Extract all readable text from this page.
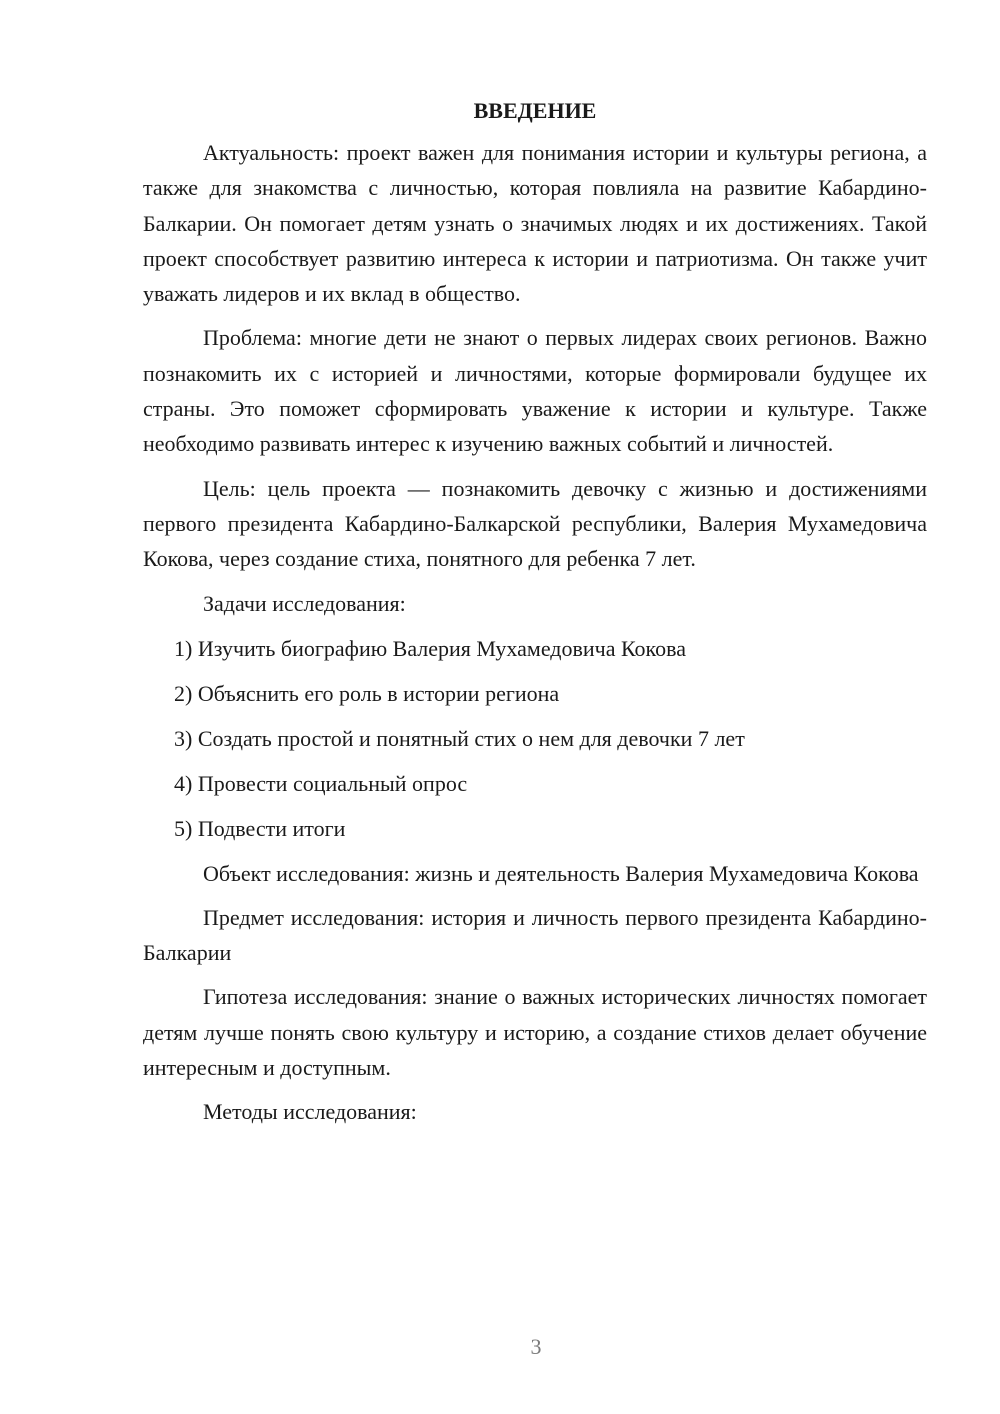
ВВЕДЕНИЕ

Актуальность: проект важен для понимания истории и культуры региона, а также для знакомства с личностью, которая повлияла на развитие Кабардино-Балкарии. Он помогает детям узнать о значимых людях и их достижениях. Такой проект способствует развитию интереса к истории и патриотизма. Он также учит уважать лидеров и их вклад в общество.

Проблема: многие дети не знают о первых лидерах своих регионов. Важно познакомить их с историей и личностями, которые формировали будущее их страны. Это поможет сформировать уважение к истории и культуре. Также необходимо развивать интерес к изучению важных событий и личностей.

Цель: цель проекта — познакомить девочку с жизнью и достижениями первого президента Кабардино-Балкарской республики, Валерия Мухамедовича Кокова, через создание стиха, понятного для ребенка 7 лет.

Задачи исследования:

1) Изучить биографию Валерия Мухамедовича Кокова
2) Объяснить его роль в истории региона
3) Создать простой и понятный стих о нем для девочки 7 лет
4) Провести социальный опрос
5) Подвести итоги

Объект исследования: жизнь и деятельность Валерия Мухамедовича Кокова

Предмет исследования: история и личность первого президента Кабардино-Балкарии

Гипотеза исследования: знание о важных исторических личностях помогает детям лучше понять свою культуру и историю, а создание стихов делает обучение интересным и доступным.

Методы исследования:

3
